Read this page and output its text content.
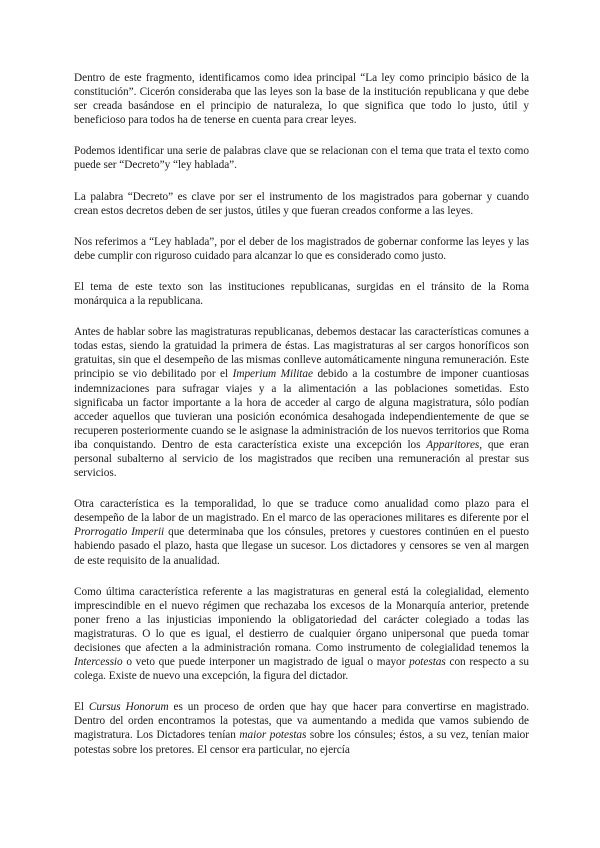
Dentro de este fragmento, identificamos como idea principal “La ley como principio básico de la constitución”. Cicerón consideraba que las leyes son la base de la institución republicana y que debe ser creada basándose en el principio de naturaleza, lo que significa que todo lo justo, útil y beneficioso para todos ha de tenerse en cuenta para crear leyes.

Podemos identificar una serie de palabras clave que se relacionan con el tema que trata el texto como puede ser “Decreto”y “ley hablada”.

La palabra “Decreto” es clave por ser el instrumento de los magistrados para gobernar y cuando crean estos decretos deben de ser justos, útiles y que fueran creados conforme a las leyes.

Nos referimos a “Ley hablada”, por el deber de los magistrados de gobernar conforme las leyes y las debe cumplir con riguroso cuidado para alcanzar lo que es considerado como justo.

El tema de este texto son las instituciones republicanas, surgidas en el tránsito de la Roma monárquica a la republicana.

Antes de hablar sobre las magistraturas republicanas, debemos destacar las características comunes a todas estas, siendo la gratuidad la primera de éstas. Las magistraturas al ser cargos honoríficos son gratuitas, sin que el desempeño de las mismas conlleve automáticamente ninguna remuneración. Este principio se vio debilitado por el Imperium Militae debido a la costumbre de imponer cuantiosas indemnizaciones para sufragar viajes y a la alimentación a las poblaciones sometidas. Esto significaba un factor importante a la hora de acceder al cargo de alguna magistratura, sólo podían acceder aquellos que tuvieran una posición económica desahogada independientemente de que se recuperen posteriormente cuando se le asignase la administración de los nuevos territorios que Roma iba conquistando. Dentro de esta característica existe una excepción los Apparitores, que eran personal subalterno al servicio de los magistrados que reciben una remuneración al prestar sus servicios.

Otra característica es la temporalidad, lo que se traduce como anualidad como plazo para el desempeño de la labor de un magistrado. En el marco de las operaciones militares es diferente por el Prorrogatio Imperii que determinaba que los cónsules, pretores y cuestores continúen en el puesto habiendo pasado el plazo, hasta que llegase un sucesor. Los dictadores y censores se ven al margen de este requisito de la anualidad.

Como última característica referente a las magistraturas en general está la colegialidad, elemento imprescindible en el nuevo régimen que rechazaba los excesos de la Monarquía anterior, pretende poner freno a las injusticias imponiendo la obligatoriedad del carácter colegiado a todas las magistraturas. O lo que es igual, el destierro de cualquier órgano unipersonal que pueda tomar decisiones que afecten a la administración romana. Como instrumento de colegialidad tenemos la Intercessio o veto que puede interponer un magistrado de igual o mayor potestas con respecto a su colega. Existe de nuevo una excepción, la figura del dictador.

El Cursus Honorum es un proceso de orden que hay que hacer para convertirse en magistrado. Dentro del orden encontramos la potestas, que va aumentando a medida que vamos subiendo de magistratura. Los Dictadores tenían maior potestas sobre los cónsules; éstos, a su vez, tenían maior potestas sobre los pretores. El censor era particular, no ejercía
